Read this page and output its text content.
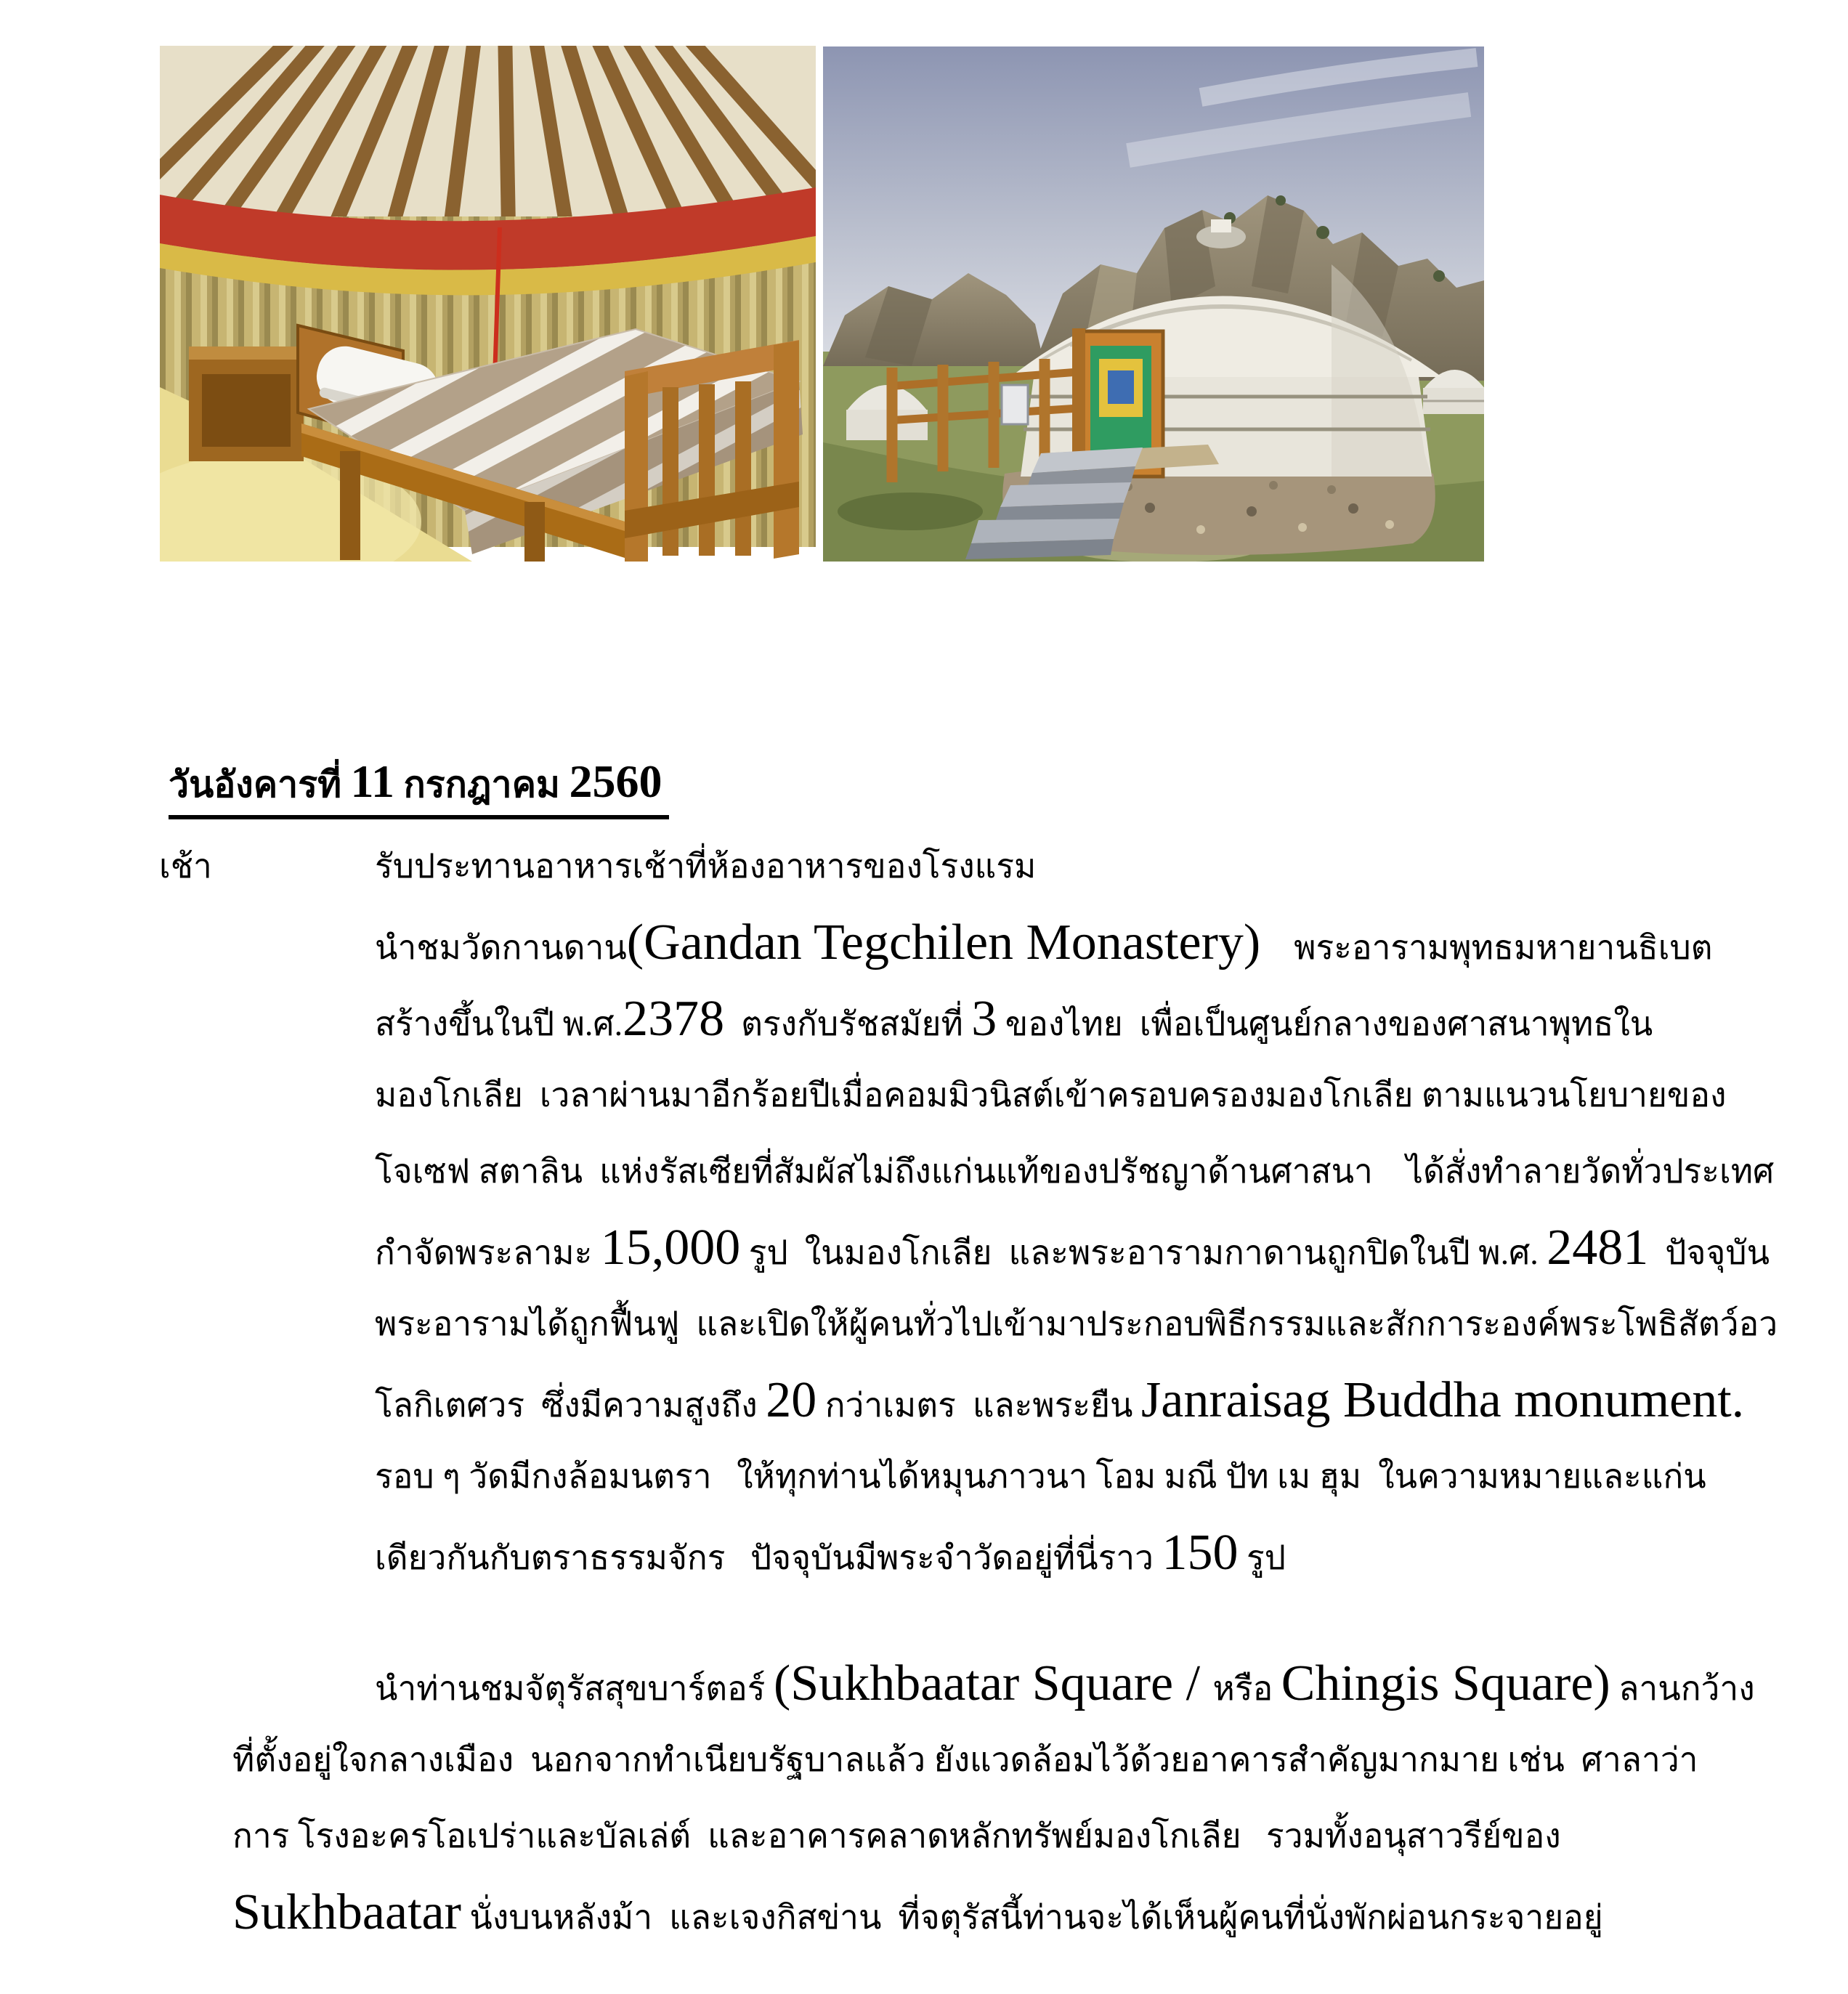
วันอังคารที่ 11 กรกฎาคม 2560

เช้า	รับประทานอาหารเช้าที่ห้องอาหารของโรงแรม
นำชมวัดกานดาน(Gandan Tegchilen Monastery)    พระอารามพุทธมหายานธิเบต
สร้างขึ้นในปี พ.ศ.2378  ตรงกับรัชสมัยที่ 3 ของไทย  เพื่อเป็นศูนย์กลางของศาสนาพุทธใน
มองโกเลีย  เวลาผ่านมาอีกร้อยปีเมื่อคอมมิวนิสต์เข้าครอบครองมองโกเลีย ตามแนวนโยบายของ
โจเซฟ สตาลิน  แห่งรัสเซียที่สัมผัสไม่ถึงแก่นแท้ของปรัชญาด้านศาสนา    ได้สั่งทำลายวัดทั่วประเทศ
กำจัดพระลามะ 15,000 รูป  ในมองโกเลีย  และพระอารามกาดานถูกปิดในปี พ.ศ. 2481  ปัจจุบัน
พระอารามได้ถูกฟื้นฟู  และเปิดให้ผู้คนทั่วไปเข้ามาประกอบพิธีกรรมและสักการะองค์พระโพธิสัตว์อว
โลกิเตศวร  ซึ่งมีความสูงถึง 20 กว่าเมตร  และพระยืน Janraisag Buddha monument.
รอบ ๆ วัดมีกงล้อมนตรา   ให้ทุกท่านได้หมุนภาวนา โอม มณี ปัท เม ฮุม  ในความหมายและแก่น
เดียวกันกับตราธรรมจักร   ปัจจุบันมีพระจำวัดอยู่ที่นี่ราว 150 รูป
นำท่านชมจัตุรัสสุขบาร์ตอร์ (Sukhbaatar Square / หรือ Chingis Square) ลานกว้าง
ที่ตั้งอยู่ใจกลางเมือง  นอกจากทำเนียบรัฐบาลแล้ว ยังแวดล้อมไว้ด้วยอาคารสำคัญมากมาย เช่น  ศาลาว่า
การ โรงอะครโอเปร่าและบัลเล่ต์  และอาคารคลาดหลักทรัพย์มองโกเลีย   รวมทั้งอนุสาวรีย์ของ
Sukhbaatar นั่งบนหลังม้า  และเจงกิสข่าน  ที่จตุรัสนี้ท่านจะได้เห็นผู้คนที่นั่งพักผ่อนกระจายอยู่
